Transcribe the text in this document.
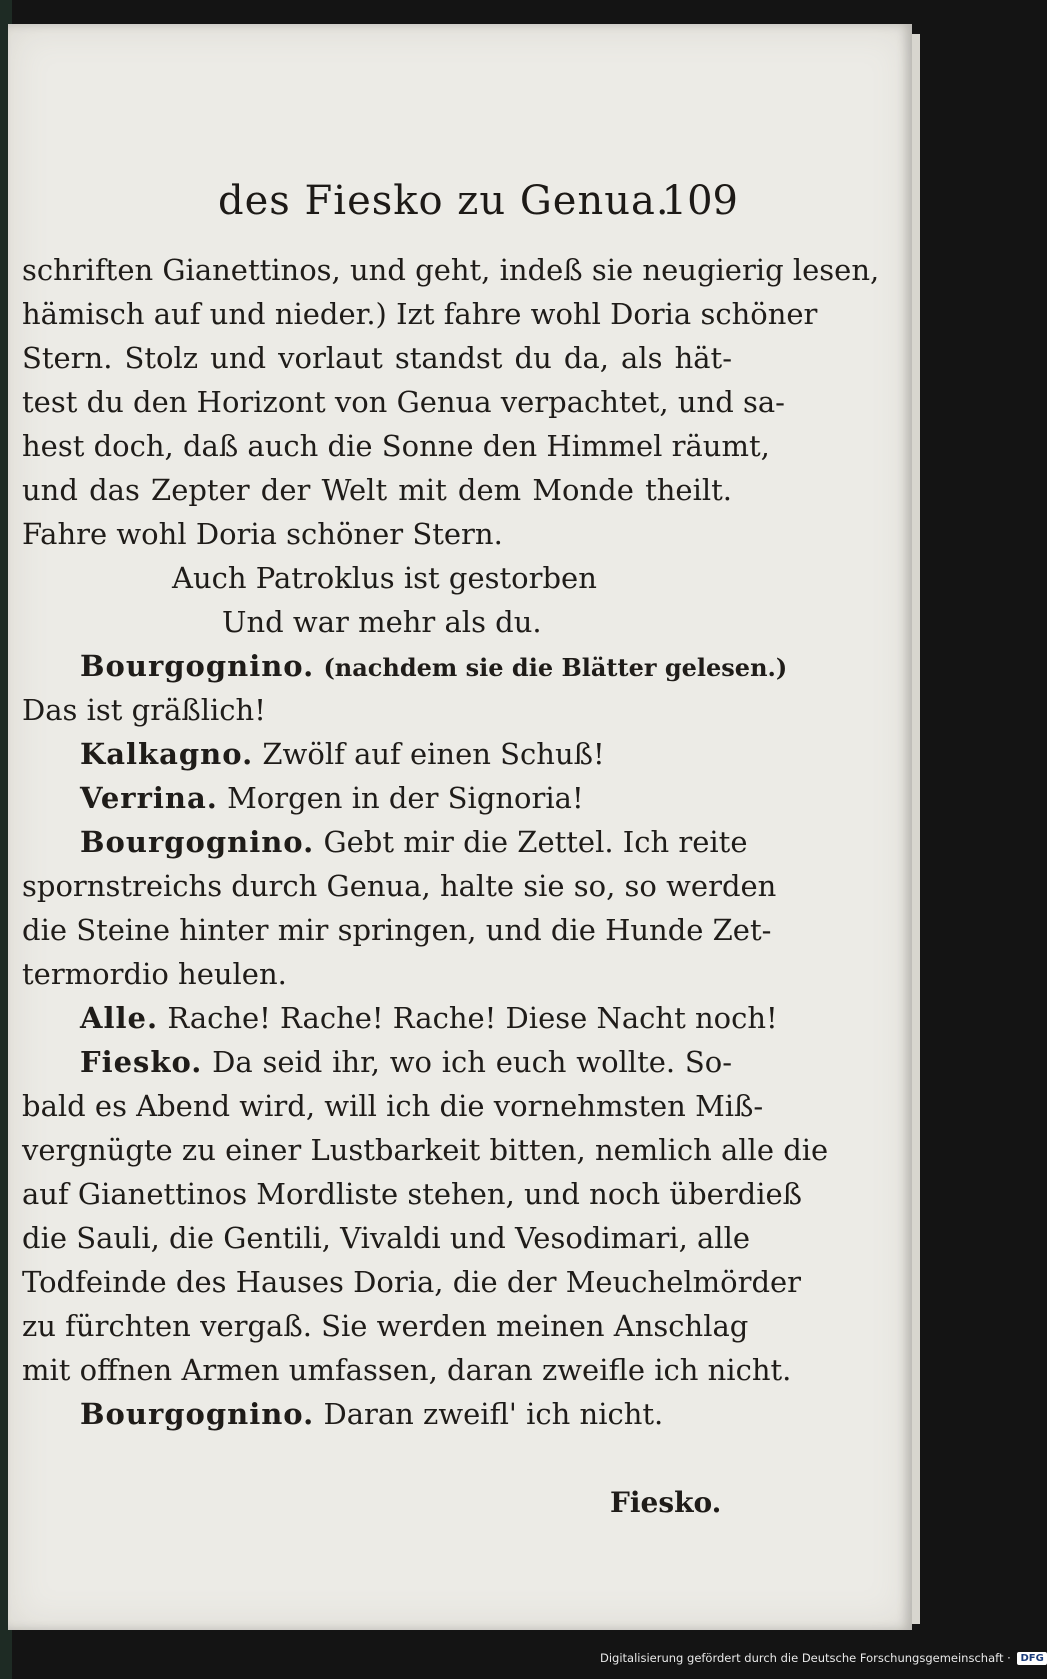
des Fiesko zu Genua.
109
schriften Gianettinos, und geht, indeß sie neugierig lesen,
hämisch auf und nieder.) Izt fahre wohl Doria schöner
Stern. Stolz und vorlaut standst du da, als hät-
test du den Horizont von Genua verpachtet, und sa-
hest doch, daß auch die Sonne den Himmel räumt,
und das Zepter der Welt mit dem Monde theilt.
Fahre wohl Doria schöner Stern.
Auch Patroklus ist gestorben
Und war mehr als du.
Bourgognino. (nachdem sie die Blätter gelesen.)
Das ist gräßlich!
Kalkagno. Zwölf auf einen Schuß!
Verrina. Morgen in der Signoria!
Bourgognino. Gebt mir die Zettel. Ich reite
spornstreichs durch Genua, halte sie so, so werden
die Steine hinter mir springen, und die Hunde Zet-
termordio heulen.
Alle. Rache! Rache! Rache! Diese Nacht noch!
Fiesko. Da seid ihr, wo ich euch wollte. So-
bald es Abend wird, will ich die vornehmsten Miß-
vergnügte zu einer Lustbarkeit bitten, nemlich alle die
auf Gianettinos Mordliste stehen, und noch überdieß
die Sauli, die Gentili, Vivaldi und Vesodimari, alle
Todfeinde des Hauses Doria, die der Meuchelmörder
zu fürchten vergaß. Sie werden meinen Anschlag
mit offnen Armen umfassen, daran zweifle ich nicht.
Bourgognino. Daran zweifl' ich nicht.
Fiesko.
Digitalisierung gefördert durch die Deutsche Forschungsgemeinschaft · DFG
